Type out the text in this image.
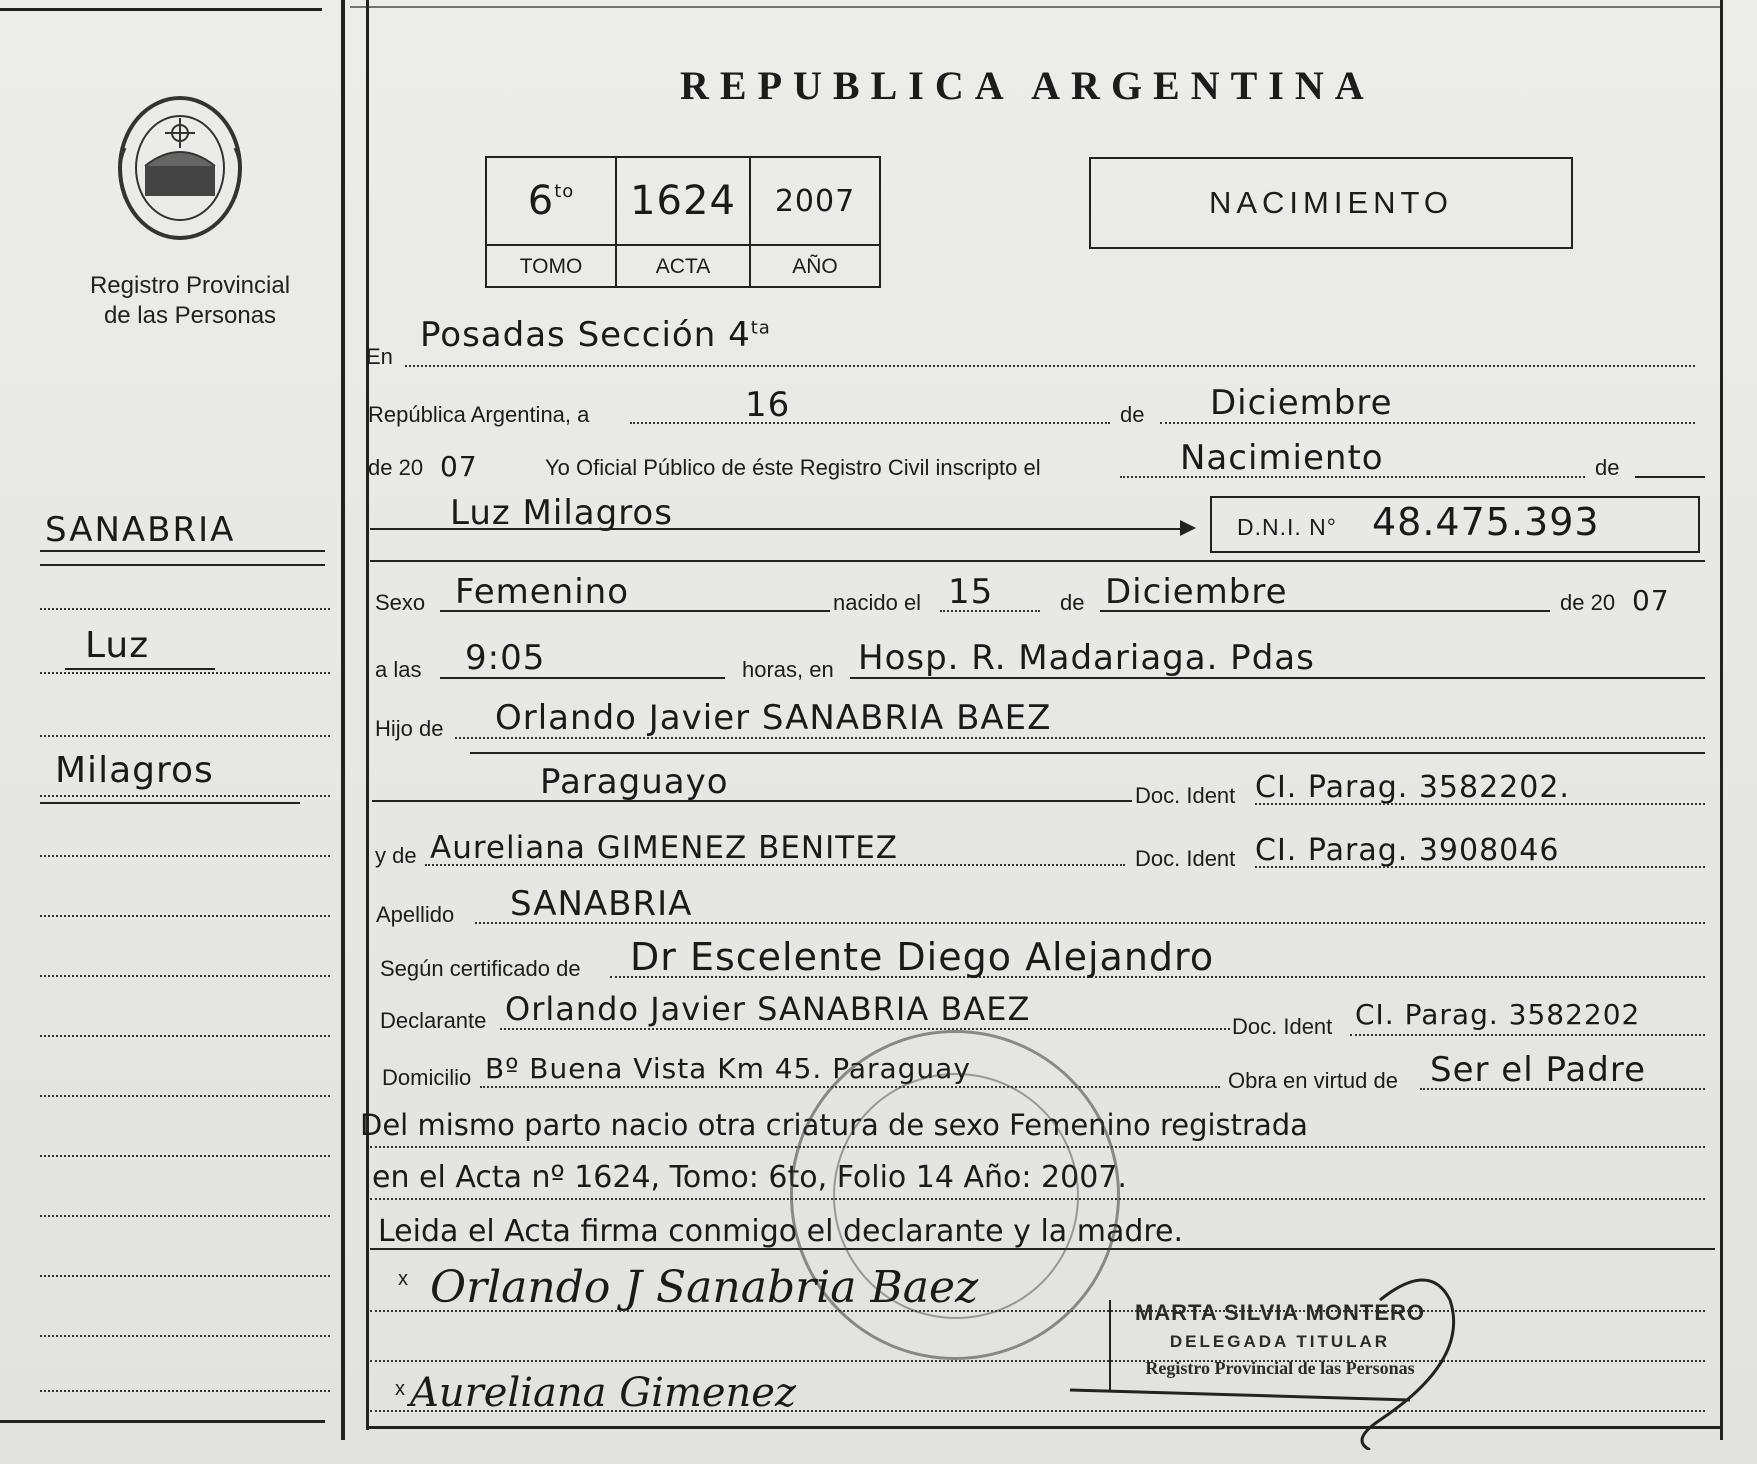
Registro Provincial
de las Personas
SANABRIA
Luz
Milagros
REPUBLICA ARGENTINA
6 to 1624 2007
TOMO	ACTA	AÑO
NACIMIENTO
En
Posadas Sección $4^{ta}$
República Argentina, a	16	de Diciembre
de 20 07	Yo Oficial Público de éste Registro Civil inscripto el	Nacimiento	de
Luz Milagros	D.N.I. N° 48.475.393
Sexo Femenino	nacido el 15	de Diciembre	de 20 07
a las 9:05	horas, en Hosp. R. Madariaga. Pdas
Hijo de Orlando Javier SANABRIA BAEZ
Paraguayo	Doc. Ident CI. Parag. 3582202.
y de Aureliana GIMENEZ BENITEZ	Doc. Ident CI. Parag. 3908046
Apellido SANABRIA
Según certificado de Dr Escelente Diego Alejandro
Declarante Orlando Javier SANABRIA BAEZ	Doc. Ident CI. Parag. 3582202
Domicilio Bº Buena Vista Km 45. Paraguay	Obra en virtud de Ser el Padre
Del mismo parto nacio otra criatura de sexo Femenino registrada
en el Acta nº 1624, Tomo: 6to, Folio 14 Año: 2007.
Leida el Acta firma conmigo el declarante y la madre.
x Orlando J Sanabria Baez
x Aureliana Gimenez
MARTA SILVIA MONTERO
DELEGADA TITULAR
Registro Provincial de las Personas
